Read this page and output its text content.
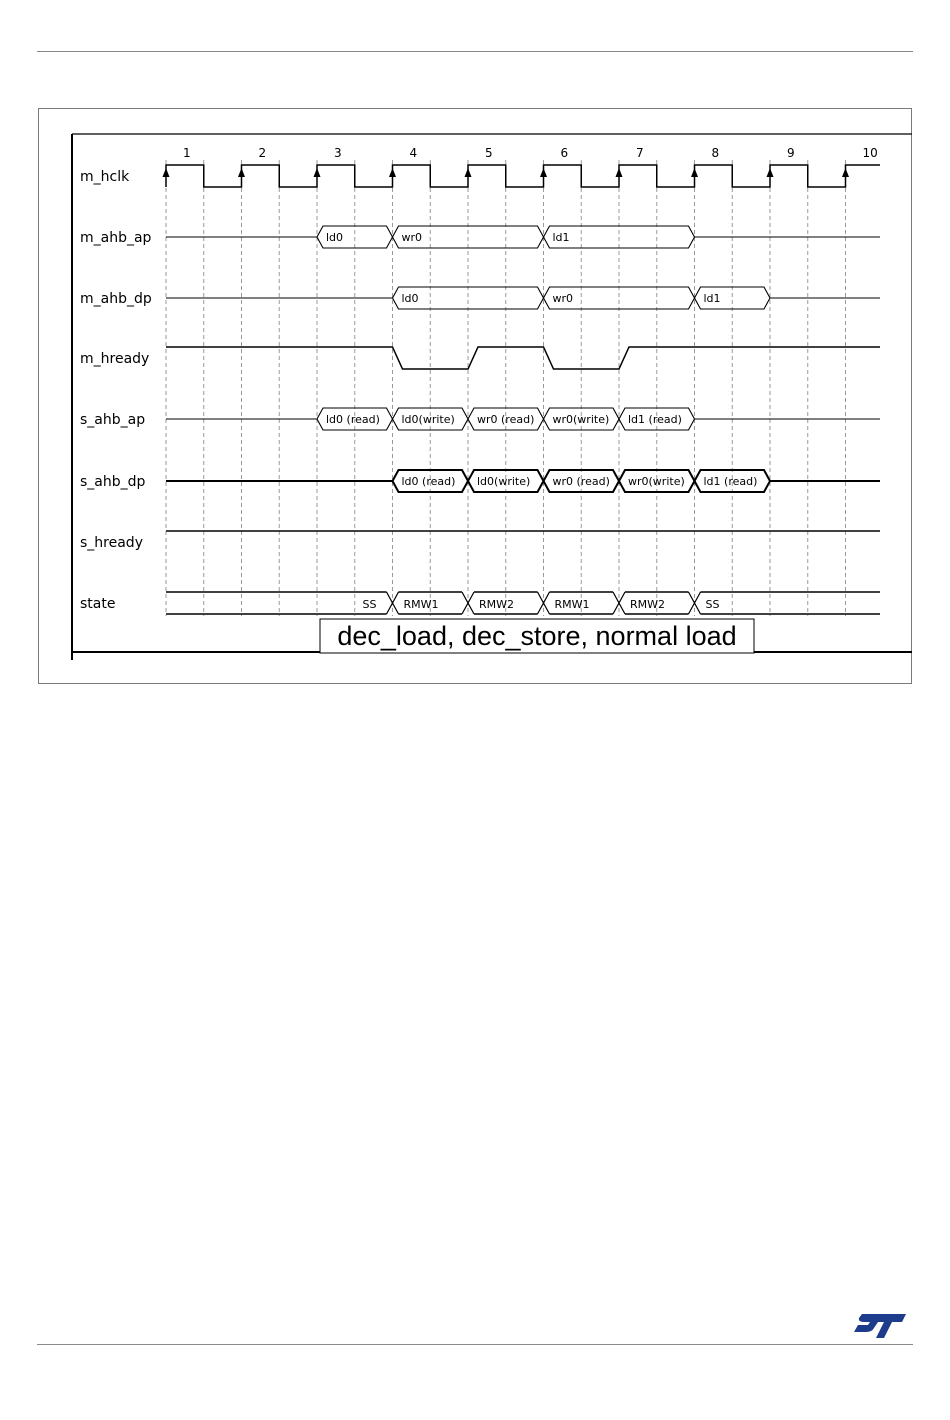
1	2	3	4	5	6	7	8	9	10
m_hclk
m_ahb_ap	ld0	wr0	ld1
m_ahb_dp	ld0	wr0	ld1
m_hready
s_ahb_ap	ld0 (read) ld0(write) wr0 (read) wr0(write) ld1 (read)
s_ahb_dp	ld0 (read) ld0(write) wr0 (read) wr0(write) ld1 (read)
s_hready
state	SS RMW1	RMW2	RMW1	RMW2	SS
dec_load, dec_store, normal load
